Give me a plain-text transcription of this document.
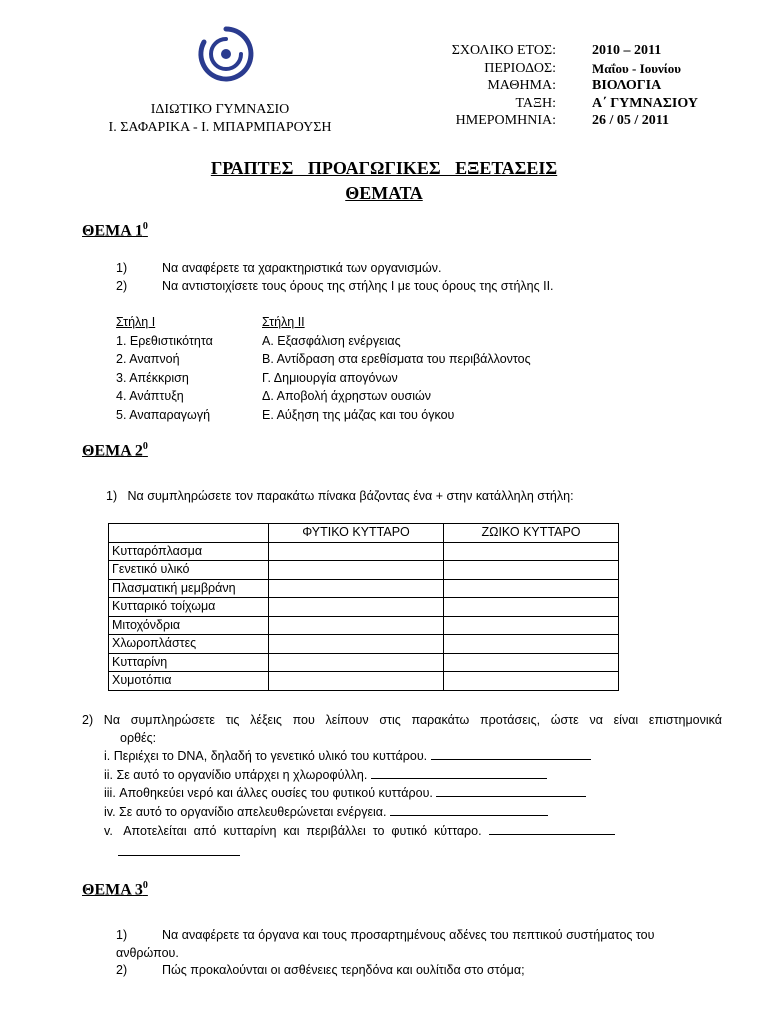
ΙΔΙΩΤΙΚΟ ΓΥΜΝΑΣΙΟ
Ι. ΣΑΦΑΡΙΚΑ - Ι. ΜΠΑΡΜΠΑΡΟΥΣΗ
ΣΧΟΛΙΚΟ ΕΤΟΣ:	2010 – 2011
ΠΕΡΙΟΔΟΣ:	Μαΐου - Ιουνίου
ΜΑΘΗΜΑ:	ΒΙΟΛΟΓΙΑ
ΤΑΞΗ:	Α΄ ΓΥΜΝΑΣΙΟΥ
ΗΜΕΡΟΜΗΝΙΑ:	26 / 05 / 2011
ΓΡΑΠΤΕΣ ΠΡΟΑΓΩΓΙΚΕΣ ΕΞΕΤΑΣΕΙΣ
ΘΕΜΑΤΑ
ΘΕΜΑ $1^0$
1)	Να αναφέρετε τα χαρακτηριστικά των οργανισμών.
2)	Να αντιστοιχίσετε τους όρους της στήλης Ι με τους όρους της στήλης ΙΙ.
Στήλη Ι	Στήλη ΙΙ
1. Ερεθιστικότητα	Α. Εξασφάλιση ενέργειας
2. Αναπνοή	Β. Αντίδραση στα ερεθίσματα του περιβάλλοντος
3. Απέκκριση	Γ. Δημιουργία απογόνων
4. Ανάπτυξη	Δ. Αποβολή άχρηστων ουσιών
5. Αναπαραγωγή	Ε. Αύξηση της μάζας και του όγκου
ΘΕΜΑ $2^0$
1)   Να συμπληρώσετε τον παρακάτω πίνακα βάζοντας ένα + στην κατάλληλη στήλη:
	ΦΥΤΙΚΟ ΚΥΤΤΑΡΟ	ΖΩΙΚΟ ΚΥΤΤΑΡΟ
Κυτταρόπλασμα		
Γενετικό υλικό		
Πλασματική μεμβράνη		
Κυτταρικό τοίχωμα		
Μιτοχόνδρια		
Χλωροπλάστες		
Κυτταρίνη		
Χυμοτόπια		
2) Να συμπληρώσετε τις λέξεις που λείπουν στις παρακάτω προτάσεις, ώστε να είναι επιστημονικά
ορθές:
i. Περιέχει το DNA, δηλαδή το γενετικό υλικό του κυττάρου.
ii. Σε αυτό το οργανίδιο υπάρχει η χλωροφύλλη.
iii. Αποθηκεύει νερό και άλλες ουσίες του φυτικού κυττάρου.
iv. Σε αυτό το οργανίδιο απελευθερώνεται ενέργεια.
v.   Αποτελείται  από  κυτταρίνη  και  περιβάλλει  το  φυτικό  κύτταρο.
ΘΕΜΑ $3^0$
1)	Να αναφέρετε τα όργανα και τους προσαρτημένους αδένες του πεπτικού συστήματος του
ανθρώπου.
2)	Πώς προκαλούνται οι ασθένειες τερηδόνα και ουλίτιδα στο στόμα;
